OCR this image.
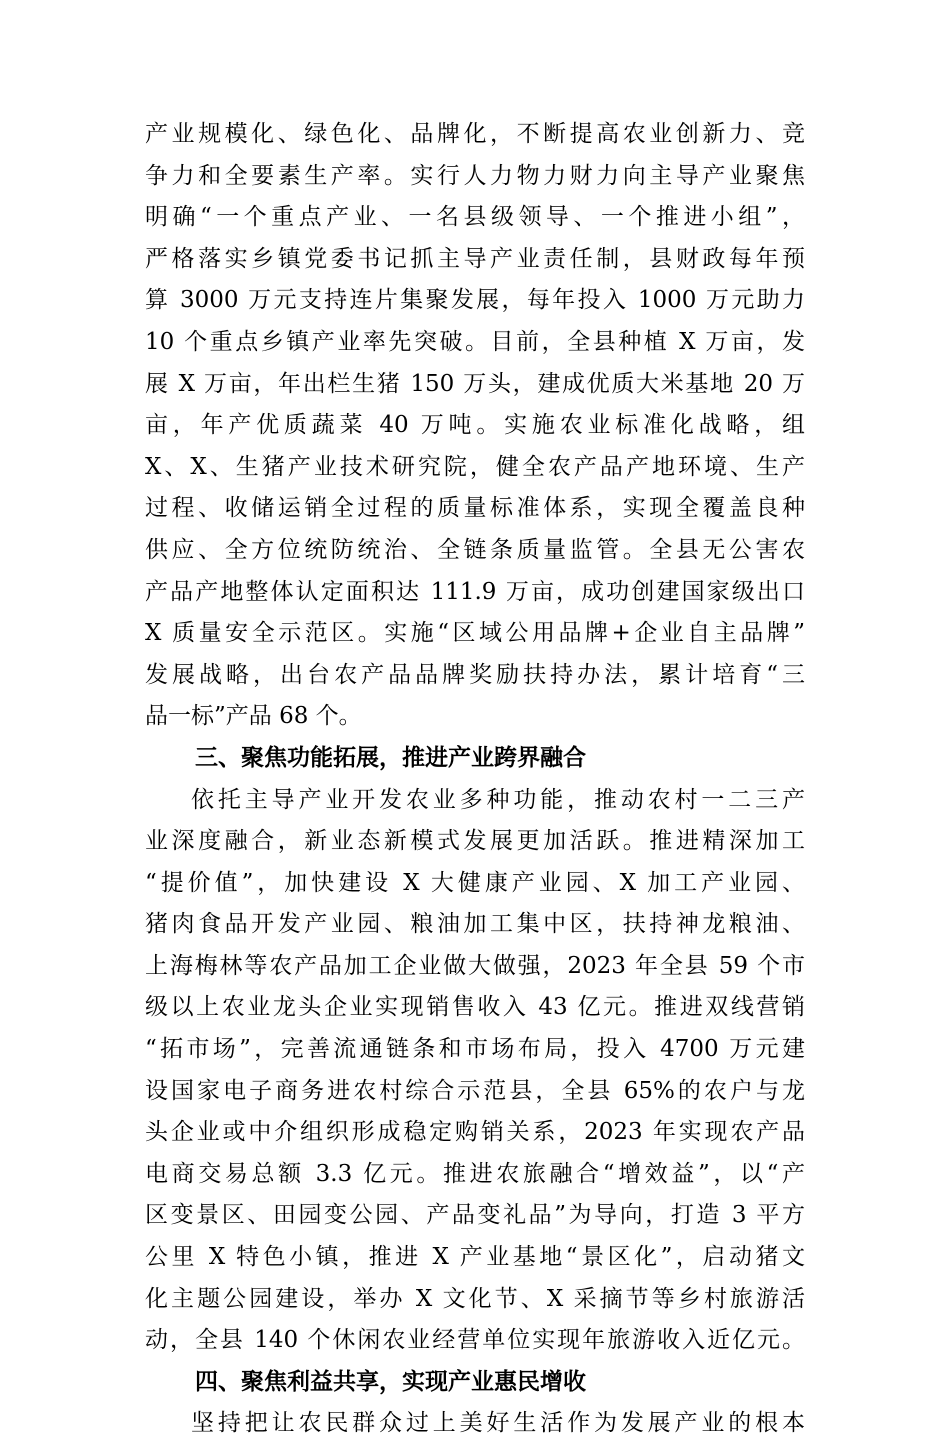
产业规模化、绿色化、品牌化，不断提高农业创新力、竞
争力和全要素生产率。实行人力物力财力向主导产业聚焦
明确“一个重点产业、一名县级领导、一个推进小组”，
严格落实乡镇党委书记抓主导产业责任制，县财政每年预
算 3000 万元支持连片集聚发展，每年投入 1000 万元助力
10 个重点乡镇产业率先突破。目前，全县种植 X 万亩，发
展 X 万亩，年出栏生猪 150 万头，建成优质大米基地 20 万
亩，年产优质蔬菜 40 万吨。实施农业标准化战略，组
X、X、生猪产业技术研究院，健全农产品产地环境、生产
过程、收储运销全过程的质量标准体系，实现全覆盖良种
供应、全方位统防统治、全链条质量监管。全县无公害农
产品产地整体认定面积达 111.9 万亩，成功创建国家级出口
X 质量安全示范区。实施“区域公用品牌+企业自主品牌”
发展战略，出台农产品品牌奖励扶持办法，累计培育“三
品一标”产品 68 个。
三、聚焦功能拓展，推进产业跨界融合
依托主导产业开发农业多种功能，推动农村一二三产
业深度融合，新业态新模式发展更加活跃。推进精深加工
“提价值”，加快建设 X 大健康产业园、X 加工产业园、
猪肉食品开发产业园、粮油加工集中区，扶持神龙粮油、
上海梅林等农产品加工企业做大做强，2023 年全县 59 个市
级以上农业龙头企业实现销售收入 43 亿元。推进双线营销
“拓市场”，完善流通链条和市场布局，投入 4700 万元建
设国家电子商务进农村综合示范县，全县 65%的农户与龙
头企业或中介组织形成稳定购销关系，2023 年实现农产品
电商交易总额 3.3 亿元。推进农旅融合“增效益”，以“产
区变景区、田园变公园、产品变礼品”为导向，打造 3 平方
公里 X 特色小镇，推进 X 产业基地“景区化”，启动猪文
化主题公园建设，举办 X 文化节、X 采摘节等乡村旅游活
动，全县 140 个休闲农业经营单位实现年旅游收入近亿元。
四、聚焦利益共享，实现产业惠民增收
坚持把让农民群众过上美好生活作为发展产业的根本
